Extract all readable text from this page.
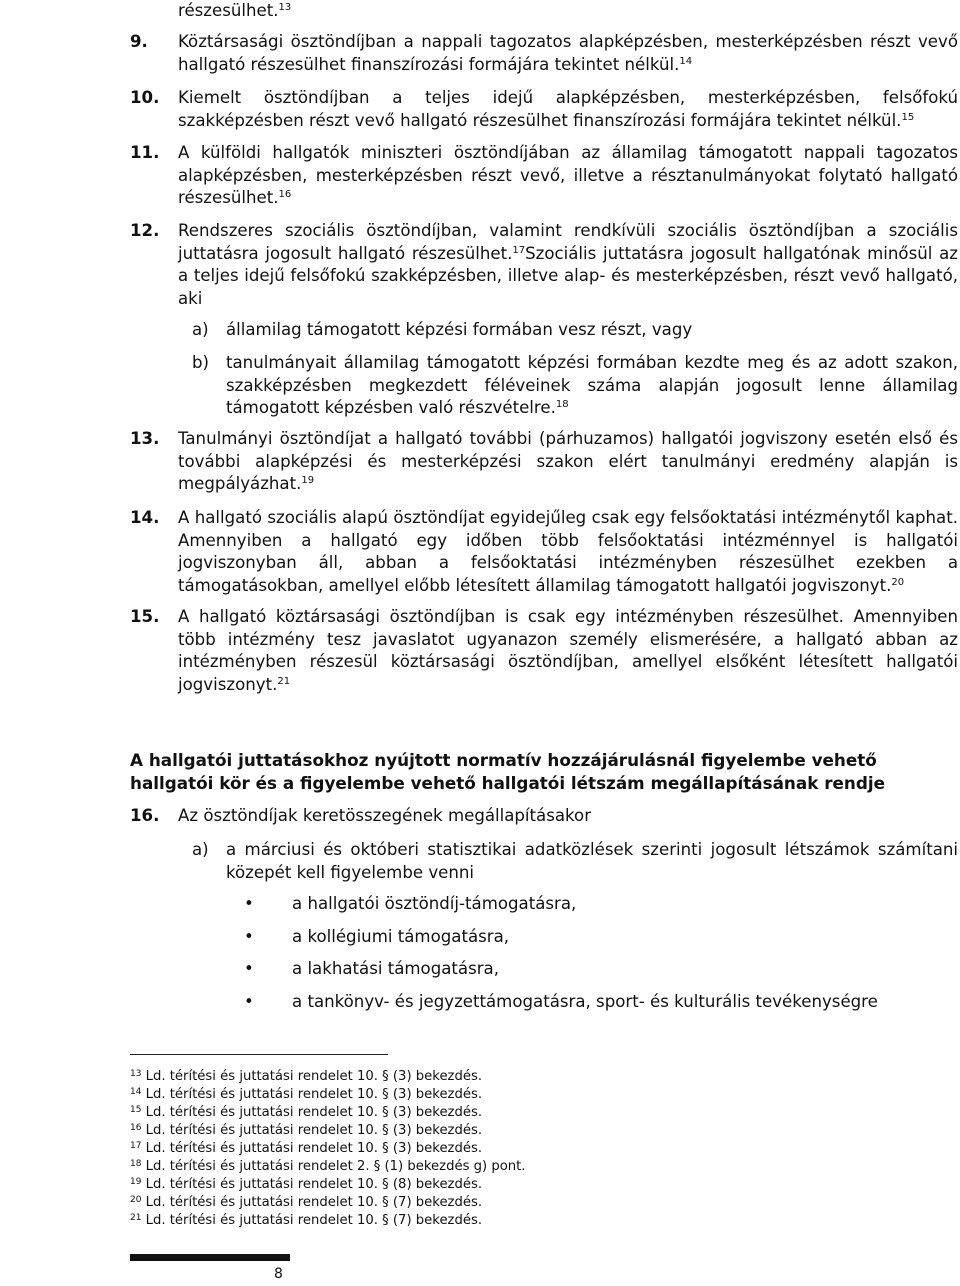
részesülhet.$^{13}$
9. Köztársasági ösztöndíjban a nappali tagozatos alapképzésben, mesterképzésben részt vevő hallgató részesülhet finanszírozási formájára tekintet nélkül.$^{14}$
10. Kiemelt ösztöndíjban a teljes idejű alapképzésben, mesterképzésben, felsőfokú szakképzésben részt vevő hallgató részesülhet finanszírozási formájára tekintet nélkül.$^{15}$
11. A külföldi hallgatók miniszteri ösztöndíjában az államilag támogatott nappali tagozatos alapképzésben, mesterképzésben részt vevő, illetve a résztanulmányokat folytató hallgató részesülhet.$^{16}$
12. Rendszeres szociális ösztöndíjban, valamint rendkívüli szociális ösztöndíjban a szociális juttatásra jogosult hallgató részesülhet.$^{17}$Szociális juttatásra jogosult hallgatónak minősül az a teljes idejű felsőfokú szakképzésben, illetve alap- és mesterképzésben, részt vevő hallgató, aki
a) államilag támogatott képzési formában vesz részt, vagy
b) tanulmányait államilag támogatott képzési formában kezdte meg és az adott szakon, szakképzésben megkezdett féléveinek száma alapján jogosult lenne államilag támogatott képzésben való részvételre.$^{18}$
13. Tanulmányi ösztöndíjat a hallgató további (párhuzamos) hallgatói jogviszony esetén első és további alapképzési és mesterképzési szakon elért tanulmányi eredmény alapján is megpályázhat.$^{19}$
14. A hallgató szociális alapú ösztöndíjat egyidejűleg csak egy felsőoktatási intézménytől kaphat. Amennyiben a hallgató egy időben több felsőoktatási intézménnyel is hallgatói jogviszonyban áll, abban a felsőoktatási intézményben részesülhet ezekben a támogatásokban, amellyel előbb létesített államilag támogatott hallgatói jogviszonyt.$^{20}$
15. A hallgató köztársasági ösztöndíjban is csak egy intézményben részesülhet. Amennyiben több intézmény tesz javaslatot ugyanazon személy elismerésére, a hallgató abban az intézményben részesül köztársasági ösztöndíjban, amellyel elsőként létesített hallgatói jogviszonyt.$^{21}$
A hallgatói juttatásokhoz nyújtott normatív hozzájárulásnál figyelembe vehető hallgatói kör és a figyelembe vehető hallgatói létszám megállapításának rendje
16. Az ösztöndíjak keretösszegének megállapításakor
a) a márciusi és októberi statisztikai adatközlések szerinti jogosult létszámok számítani közepét kell figyelembe venni
• a hallgatói ösztöndíj-támogatásra,
• a kollégiumi támogatásra,
• a lakhatási támogatásra,
• a tankönyv- és jegyzettámogatásra, sport- és kulturális tevékenységre
$^{13}$ Ld. térítési és juttatási rendelet 10. § (3) bekezdés.
$^{14}$ Ld. térítési és juttatási rendelet 10. § (3) bekezdés.
$^{15}$ Ld. térítési és juttatási rendelet 10. § (3) bekezdés.
$^{16}$ Ld. térítési és juttatási rendelet 10. § (3) bekezdés.
$^{17}$ Ld. térítési és juttatási rendelet 10. § (3) bekezdés.
$^{18}$ Ld. térítési és juttatási rendelet 2. § (1) bekezdés g) pont.
$^{19}$ Ld. térítési és juttatási rendelet 10. § (8) bekezdés.
$^{20}$ Ld. térítési és juttatási rendelet 10. § (7) bekezdés.
$^{21}$ Ld. térítési és juttatási rendelet 10. § (7) bekezdés.
8
